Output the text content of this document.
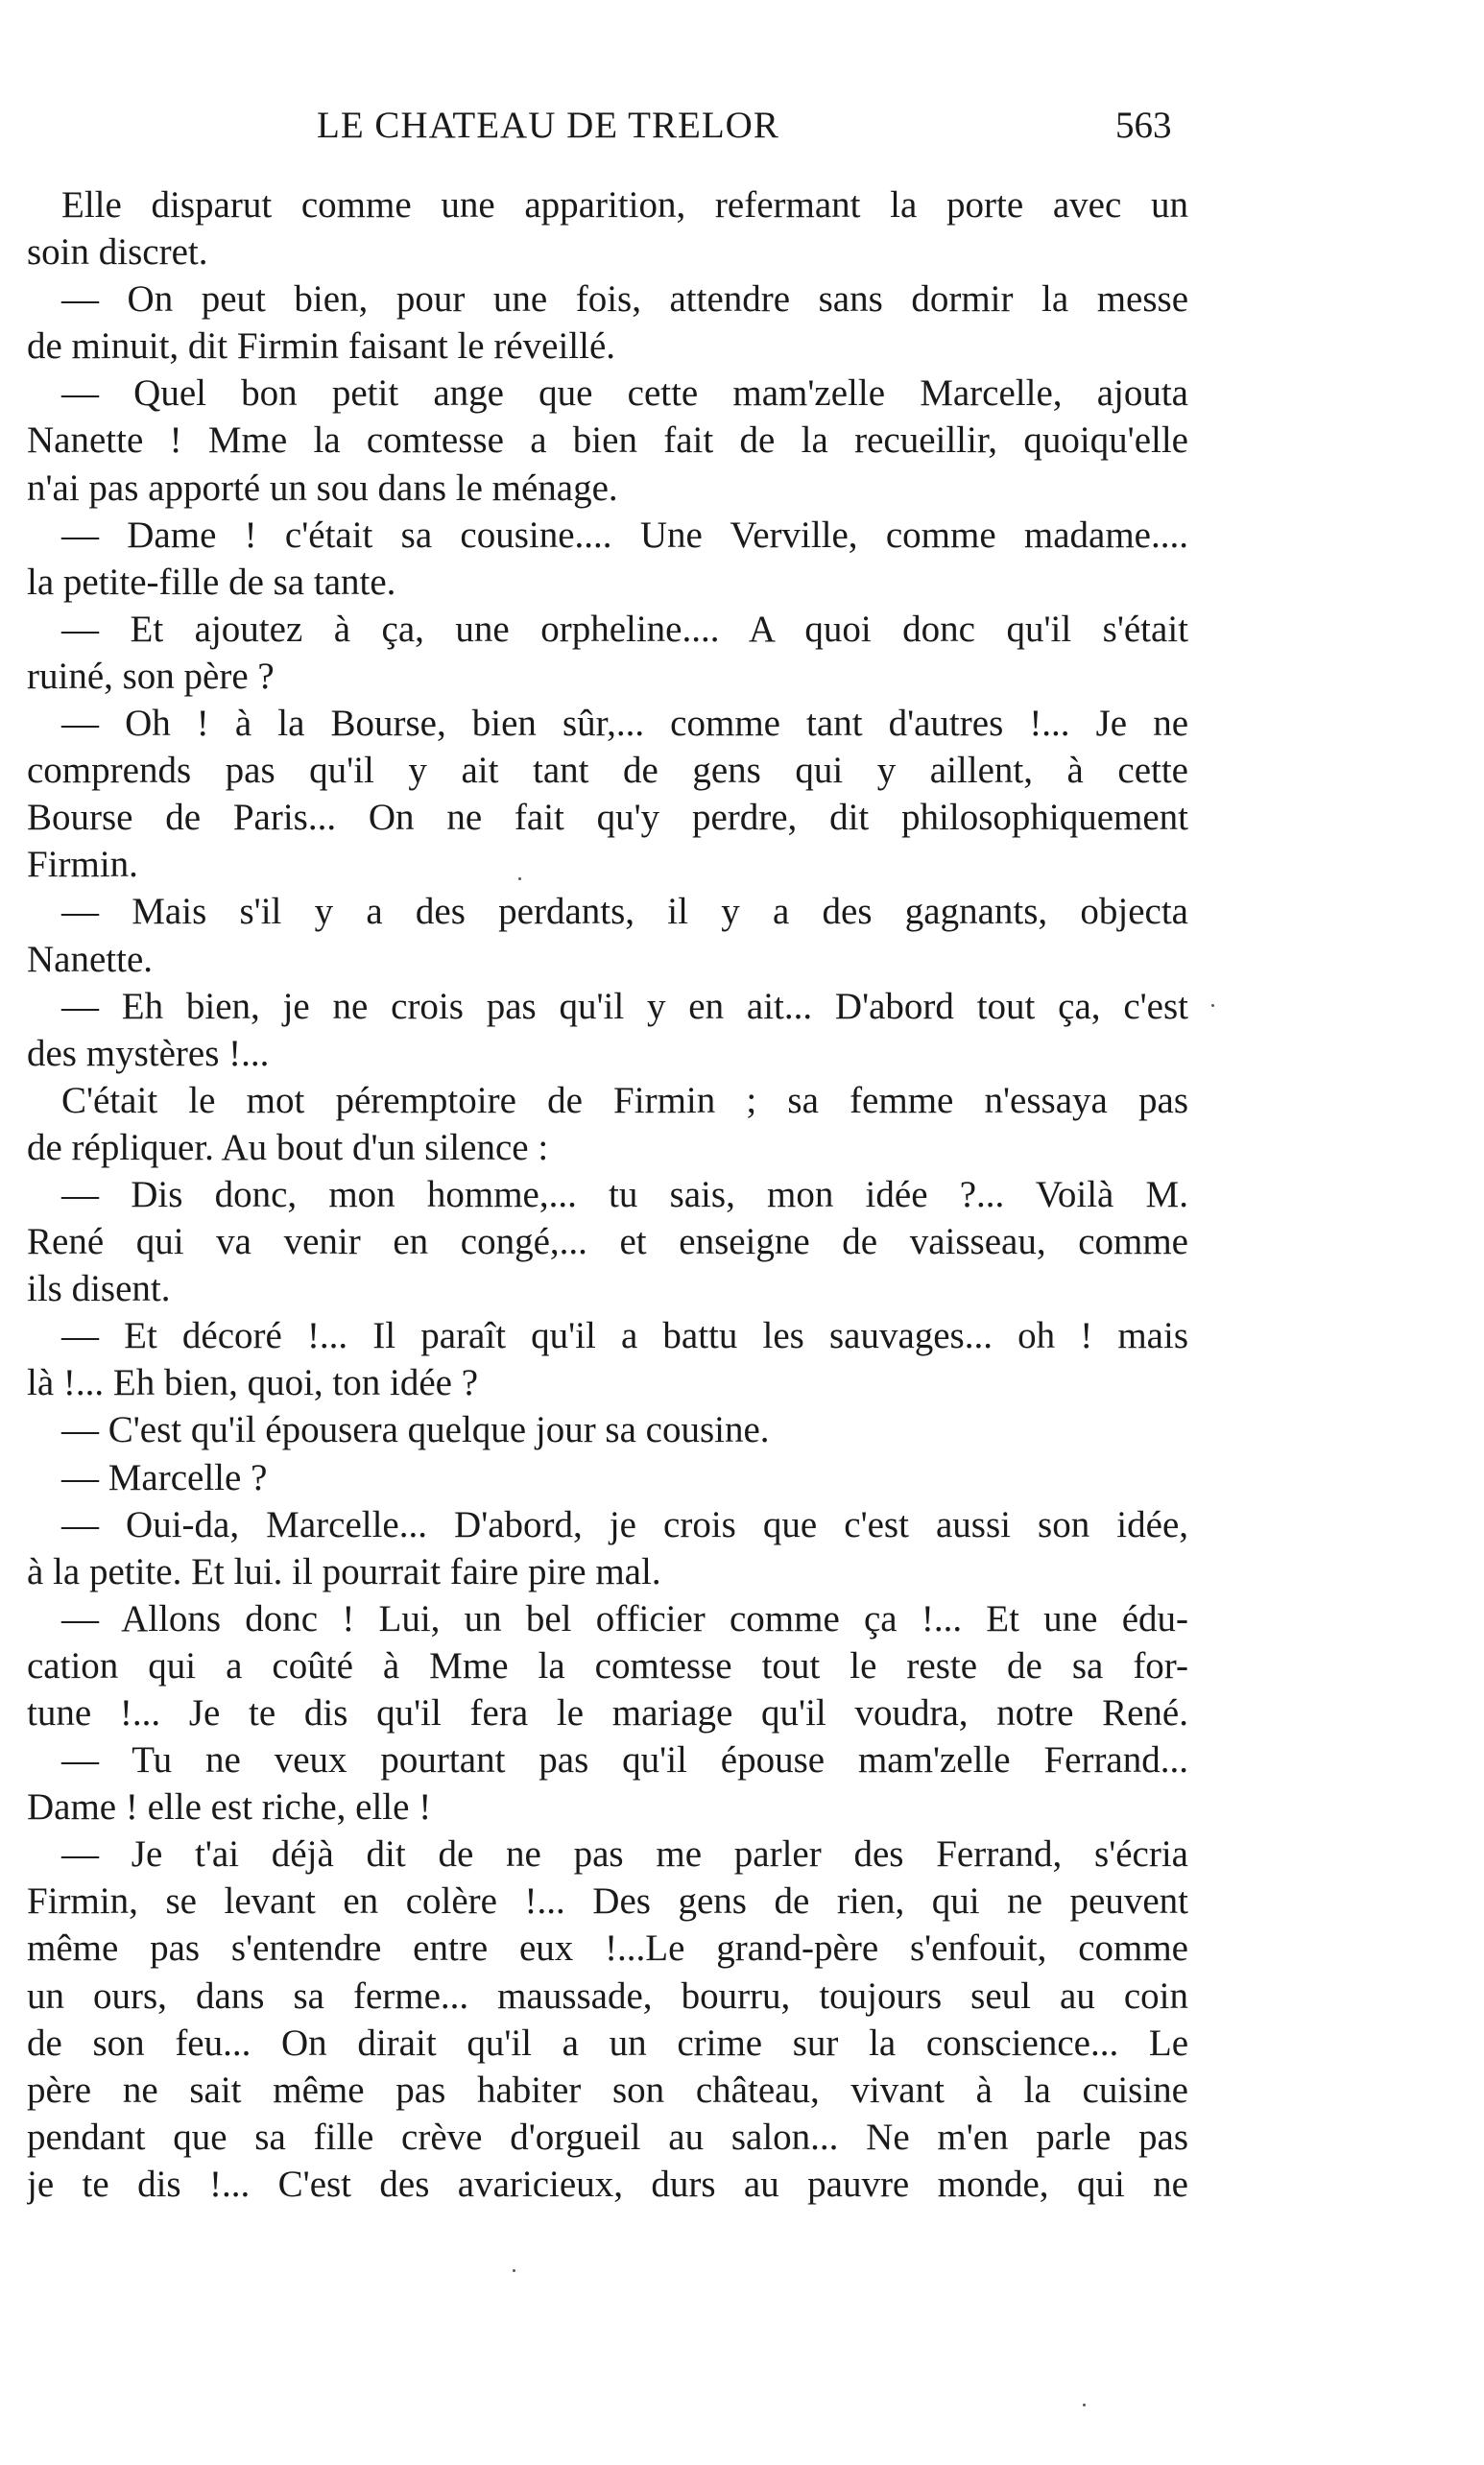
LE CHATEAU DE TRELOR	563
Elle disparut comme une apparition, refermant la porte avec un
soin discret.
— On peut bien, pour une fois, attendre sans dormir la messe
de minuit, dit Firmin faisant le réveillé.
— Quel bon petit ange que cette mam'zelle Marcelle, ajouta
Nanette ! Mme la comtesse a bien fait de la recueillir, quoiqu'elle
n'ai pas apporté un sou dans le ménage.
— Dame ! c'était sa cousine.... Une Verville, comme madame....
la petite-fille de sa tante.
— Et ajoutez à ça, une orpheline.... A quoi donc qu'il s'était
ruiné, son père ?
— Oh ! à la Bourse, bien sûr,... comme tant d'autres !... Je ne
comprends pas qu'il y ait tant de gens qui y aillent, à cette
Bourse de Paris... On ne fait qu'y perdre, dit philosophiquement
Firmin.
— Mais s'il y a des perdants, il y a des gagnants, objecta
Nanette.
— Eh bien, je ne crois pas qu'il y en ait... D'abord tout ça, c'est
des mystères !...
C'était le mot péremptoire de Firmin ; sa femme n'essaya pas
de répliquer. Au bout d'un silence :
— Dis donc, mon homme,... tu sais, mon idée ?... Voilà M.
René qui va venir en congé,... et enseigne de vaisseau, comme
ils disent.
— Et décoré !... Il paraît qu'il a battu les sauvages... oh ! mais
là !... Eh bien, quoi, ton idée ?
— C'est qu'il épousera quelque jour sa cousine.
— Marcelle ?
— Oui-da, Marcelle... D'abord, je crois que c'est aussi son idée,
à la petite. Et lui. il pourrait faire pire mal.
— Allons donc ! Lui, un bel officier comme ça !... Et une édu-
cation qui a coûté à Mme la comtesse tout le reste de sa for-
tune !... Je te dis qu'il fera le mariage qu'il voudra, notre René.
— Tu ne veux pourtant pas qu'il épouse mam'zelle Ferrand...
Dame ! elle est riche, elle !
— Je t'ai déjà dit de ne pas me parler des Ferrand, s'écria
Firmin, se levant en colère !... Des gens de rien, qui ne peuvent
même pas s'entendre entre eux !...Le grand-père s'enfouit, comme
un ours, dans sa ferme... maussade, bourru, toujours seul au coin
de son feu... On dirait qu'il a un crime sur la conscience... Le
père ne sait même pas habiter son château, vivant à la cuisine
pendant que sa fille crève d'orgueil au salon... Ne m'en parle pas
je te dis !... C'est des avaricieux, durs au pauvre monde, qui ne
